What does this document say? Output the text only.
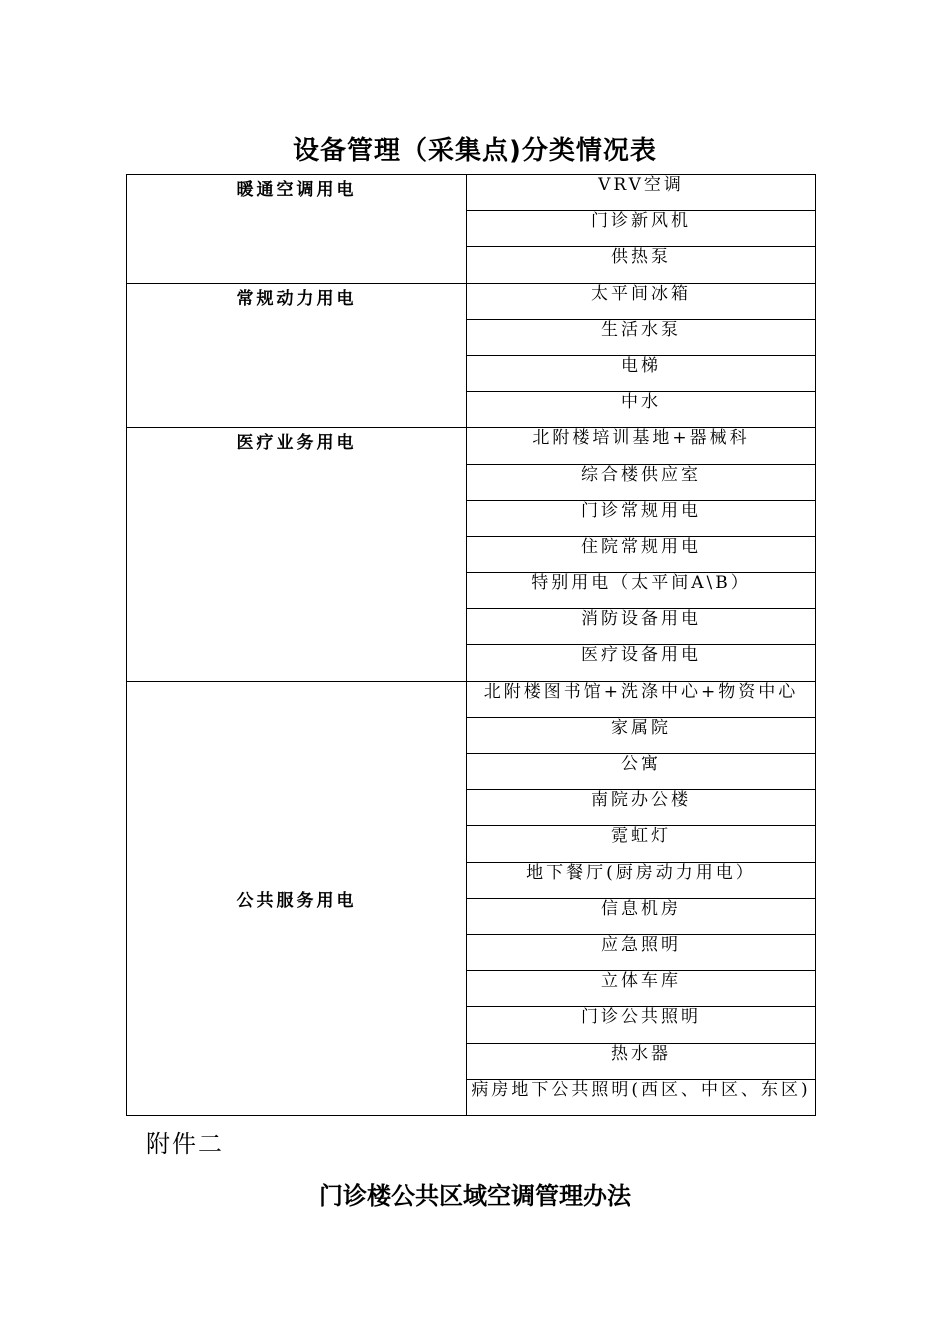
设备管理（采集点)分类情况表
暖通空调用电	VRV空调
	门诊新风机
	供热泵
常规动力用电	太平间冰箱
	生活水泵
	电梯
	中水
医疗业务用电	北附楼培训基地+器械科
	综合楼供应室
	门诊常规用电
	住院常规用电
	特别用电（太平间A\B）
	消防设备用电
	医疗设备用电
公共服务用电	北附楼图书馆+洗涤中心+物资中心
	家属院
	公寓
	南院办公楼
	霓虹灯
	地下餐厅(厨房动力用电）
	信息机房
	应急照明
	立体车库
	门诊公共照明
	热水器

	病房地下公共照明(西区、中区、东区)
附件二
门诊楼公共区域空调管理办法
